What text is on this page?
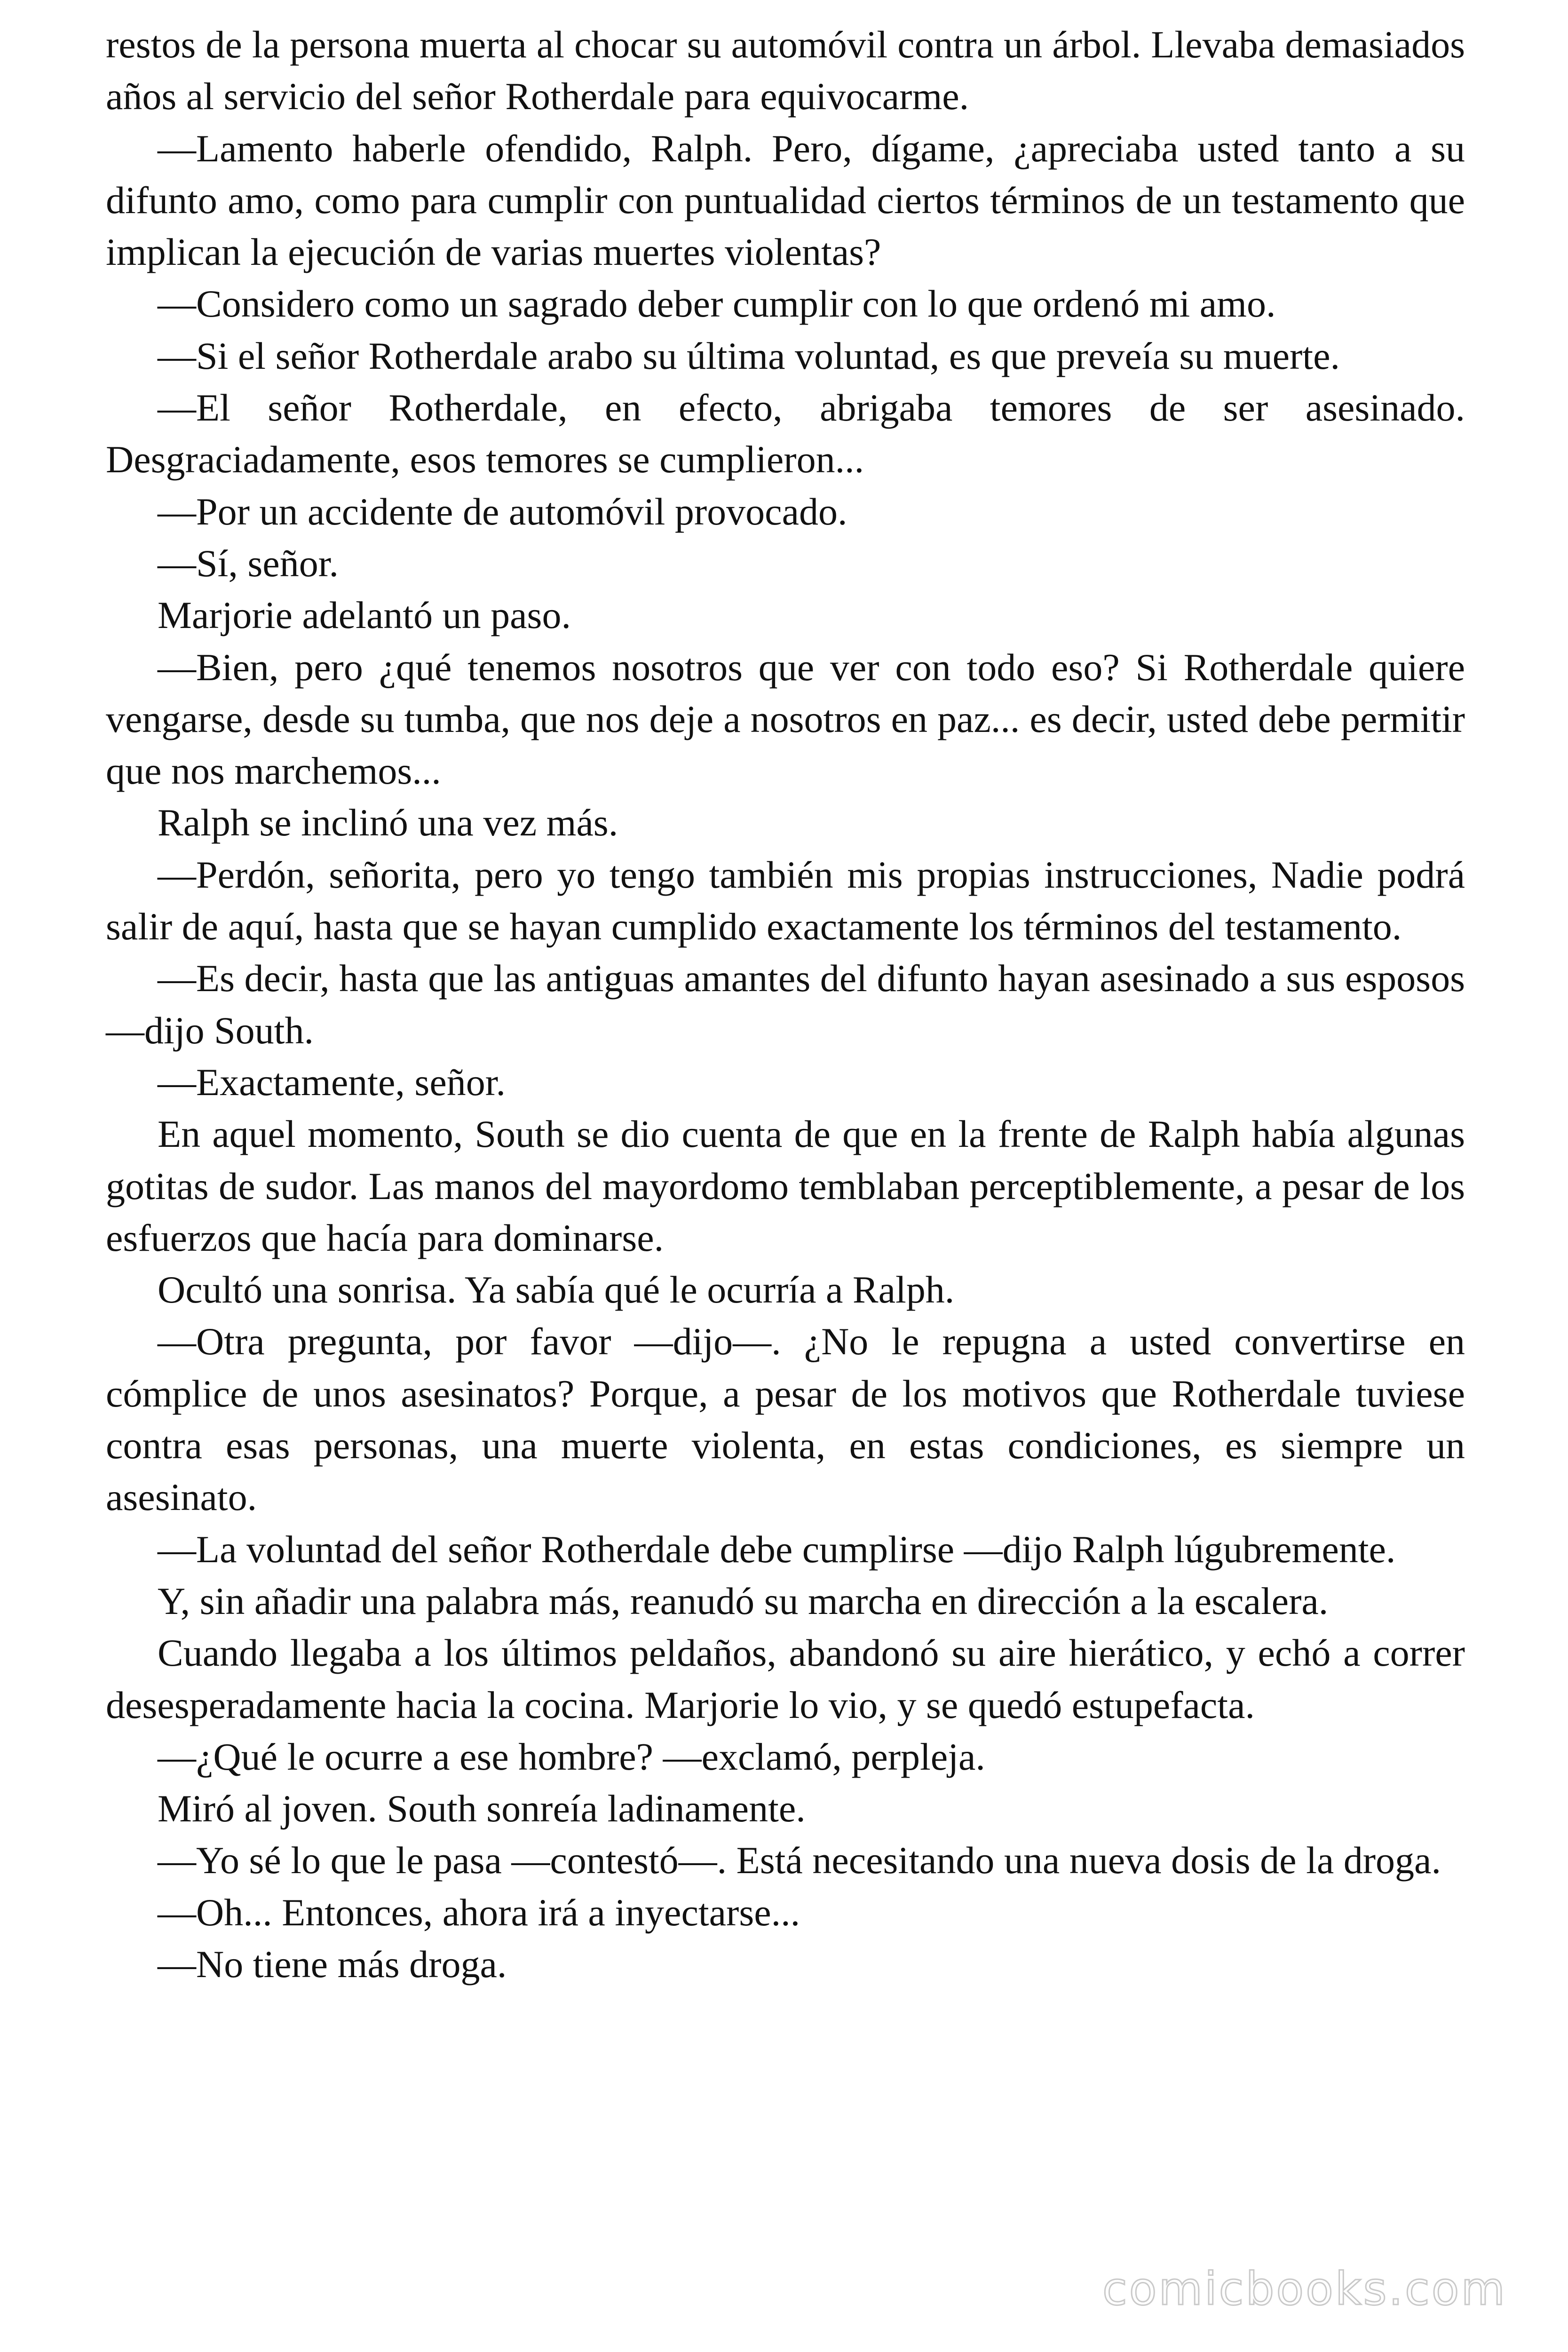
restos de la persona muerta al chocar su automóvil contra un árbol. Llevaba demasiados años al servicio del señor Rotherdale para equivocarme.

—Lamento haberle ofendido, Ralph. Pero, dígame, ¿apreciaba usted tanto a su difunto amo, como para cumplir con puntualidad ciertos términos de un testamento que implican la ejecución de varias muertes violentas?

—Considero como un sagrado deber cumplir con lo que ordenó mi amo.

—Si el señor Rotherdale arabo su última voluntad, es que preveía su muerte.

—El señor Rotherdale, en efecto, abrigaba temores de ser asesinado. Desgraciadamente, esos temores se cumplieron...

—Por un accidente de automóvil provocado.

—Sí, señor.

Marjorie adelantó un paso.

—Bien, pero ¿qué tenemos nosotros que ver con todo eso? Si Rotherdale quiere vengarse, desde su tumba, que nos deje a nosotros en paz... es decir, usted debe permitir que nos marchemos...

Ralph se inclinó una vez más.

—Perdón, señorita, pero yo tengo también mis propias instrucciones, Nadie podrá salir de aquí, hasta que se hayan cumplido exactamente los términos del testamento.

—Es decir, hasta que las antiguas amantes del difunto hayan asesinado a sus esposos —dijo South.

—Exactamente, señor.

En aquel momento, South se dio cuenta de que en la frente de Ralph había algunas gotitas de sudor. Las manos del mayordomo temblaban perceptiblemente, a pesar de los esfuerzos que hacía para dominarse.

Ocultó una sonrisa. Ya sabía qué le ocurría a Ralph.

—Otra pregunta, por favor —dijo—. ¿No le repugna a usted convertirse en cómplice de unos asesinatos? Porque, a pesar de los motivos que Rotherdale tuviese contra esas personas, una muerte violenta, en estas condiciones, es siempre un asesinato.

—La voluntad del señor Rotherdale debe cumplirse —dijo Ralph lúgubremente.

Y, sin añadir una palabra más, reanudó su marcha en dirección a la escalera.

Cuando llegaba a los últimos peldaños, abandonó su aire hierático, y echó a correr desesperadamente hacia la cocina. Marjorie lo vio, y se quedó estupefacta.

—¿Qué le ocurre a ese hombre? —exclamó, perpleja.

Miró al joven. South sonreía ladinamente.

—Yo sé lo que le pasa —contestó—. Está necesitando una nueva dosis de la droga.

—Oh... Entonces, ahora irá a inyectarse...

—No tiene más droga.

comicbooks.com
